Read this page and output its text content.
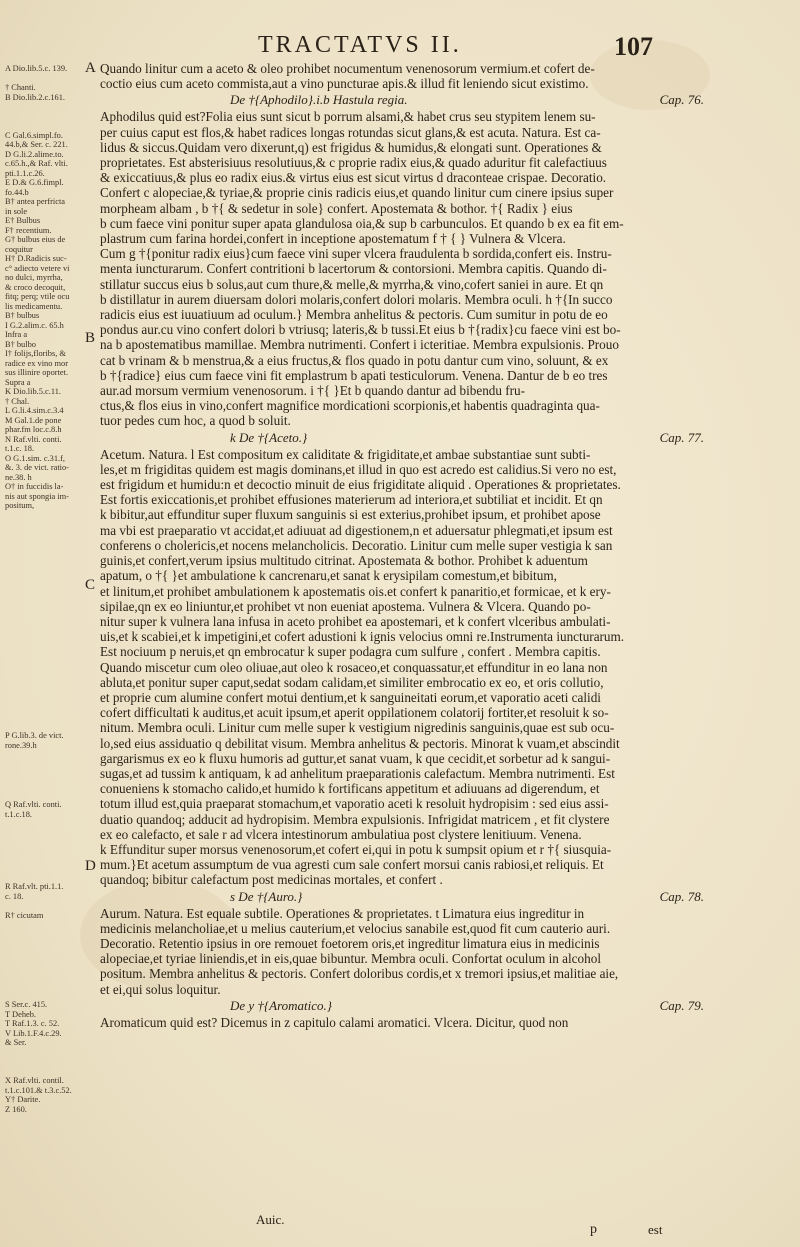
TRACTATVS II.	107
A Dio.lib.5.c. 139.

† Chanti.
B Dio.lib.2.c.161.

C Gal.6.simpl.fo.
44.b,& Ser. c. 221.
D G.li.2.alime.to.
c.65.h.,& Raf. vlti.
pti.1.1.c.26.
E D.& G.6.fimpl.
fo.44.b
B† antea perfricta
in sole
E† Bulbus
F† recentium.
G† bulbus eius de
coquitur
H† D.Radicis suc-
c° adiecto vetere vi
no dulci, myrrha,
& croco decoquit,
fitq; perq; vtile ocu
lis medicamentu.
B† bulbus
I G.2.alim.c. 65.h
Infra a
B† bulbo
I† folijs,floribs, &
radice ex vino mor
sus illinire oportet.
Supra a
K Dio.lib.5.c.11.
† Chal.
L G.li.4.sim.c.3.4
M Gal.1.de pone
phar.fm loc.c.8.h
N Raf.vlti. conti.
t.1.c. 18.
O G.1.sim. c.31.f,
&. 3. de vict. ratio-
ne.38. h
O† in fuccidis la-
nis aut spongia im-
positum,
P G.lib.3. de vict.
rone.39.h
Q Raf.vlti. conti.
t.1.c.18.
R Raf.vlt. pti.1.1.
c. 18.

R† cicutam
S Ser.c. 415.
T Deheb.
T Raf.1.3. c. 52.
V Lib.1.F.4.c.29.
& Ser.

X Raf.vlti. contil.
t.1.c.101.& t.3.c.52.
Y† Darite.
Z 160.
A
B
C
D

Quando linitur cum a aceto & oleo prohibet nocumentum venenosorum vermium.et cofert de-
coctio eius cum aceto commista,aut a vino puncturae apis.& illud fit leniendo sicut existimo.

De †{Aphodilo}.i.b Hastula regia.	Cap. 76.

Aphodilus quid est?Folia eius sunt sicut b porrum alsami,& habet crus seu stypitem lenem su-
per cuius caput est flos,& habet radices longas rotundas sicut glans,& est acuta. Natura. Est ca-
lidus & siccus.Quidam vero dixerunt,q) est frigidus & humidus,& elongati sunt. Operationes &
proprietates. Est absterisiuus resolutiuus,& c proprie radix eius,& quado aduritur fit calefactiuus
& exiccatiuus,& plus eo radix eius.& virtus eius est sicut virtus d draconteae crispae. Decoratio.
Confert c alopeciae,& tyriae,& proprie cinis radicis eius,et quando linitur cum cinere ipsius super
morpheam albam , b †{ & sedetur in sole} confert. Apostemata & bothor. †{ Radix } eius
b cum faece vini ponitur super apata glandulosa oia,& sup b carbunculos. Et quando b ex ea fit em-
plastrum cum farina hordei,confert in inceptione apostematum f † { } Vulnera & Vlcera.
Cum g †{ponitur radix eius}cum faece vini super vlcera fraudulenta b sordida,confert eis. Instru-
menta iuncturarum. Confert contritioni b lacertorum & contorsioni. Membra capitis. Quando di-
stillatur succus eius b solus,aut cum thure,& melle,& myrrha,& vino,cofert saniei in aure. Et qn
b distillatur in aurem diuersam dolori molaris,confert dolori molaris. Membra oculi. h †{In succo
radicis eius est iuuatiuum ad oculum.} Membra anhelitus & pectoris. Cum sumitur in potu de eo
pondus aur.cu vino confert dolori b vtriusq; lateris,& b tussi.Et eius b †{radix}cu faece vini est bo-
na b apostematibus mamillae. Membra nutrimenti. Confert i icteritiae. Membra expulsionis. Prouo
cat b vrinam & b menstrua,& a eius fructus,& flos quado in potu dantur cum vino, soluunt, & ex
b †{radice} eius cum faece vini fit emplastrum b apati testiculorum. Venena. Dantur de b eo tres
aur.ad morsum vermium venenosorum. i †{ }Et b quando dantur ad bibendu fru-
ctus,& flos eius in vino,confert magnifice mordicationi scorpionis,et habentis quadraginta qua-
tuor pedes cum hoc, a quod b soluit.

k De †{Aceto.}	Cap. 77.

Acetum. Natura. l Est compositum ex caliditate & frigiditate,et ambae substantiae sunt subti-
les,et m frigiditas quidem est magis dominans,et illud in quo est acredo est calidius.Si vero no est,
est frigidum et humidu:n et decoctio minuit de eius frigiditate aliquid . Operationes & proprietates.
Est fortis exiccationis,et prohibet effusiones materierum ad interiora,et subtiliat et incidit. Et qn
k bibitur,aut effunditur super fluxum sanguinis si est exterius,prohibet ipsum, et prohibet apose
ma vbi est praeparatio vt accidat,et adiuuat ad digestionem,n et aduersatur phlegmati,et ipsum est
conferens o cholericis,et nocens melancholicis. Decoratio. Linitur cum melle super vestigia k san
guinis,et confert,verum ipsius multitudo citrinat. Apostemata & bothor. Prohibet k aduentum
apatum, o †{ }et ambulatione k cancrenaru,et sanat k erysipilam comestum,et bibitum,
et linitum,et prohibet ambulationem k apostematis ois.et confert k panaritio,et formicae, et k ery-
sipilae,qn ex eo liniuntur,et prohibet vt non eueniat apostema. Vulnera & Vlcera. Quando po-
nitur super k vulnera lana infusa in aceto prohibet ea apostemari, et k confert vlceribus ambulati-
uis,et k scabiei,et k impetigini,et cofert adustioni k ignis velocius omni re.Instrumenta iuncturarum.
Est nociuum p neruis,et qn embrocatur k super podagra cum sulfure , confert . Membra capitis.
Quando miscetur cum oleo oliuae,aut oleo k rosaceo,et conquassatur,et effunditur in eo lana non
abluta,et ponitur super caput,sedat sodam calidam,et similiter embrocatio ex eo, et oris collutio,
et proprie cum alumine confert motui dentium,et k sanguineitati eorum,et vaporatio aceti calidi
cofert difficultati k auditus,et acuit ipsum,et aperit oppilationem colatorij fortiter,et resoluit k so-
nitum. Membra oculi. Linitur cum melle super k vestigium nigredinis sanguinis,quae est sub ocu-
lo,sed eius assiduatio q debilitat visum. Membra anhelitus & pectoris. Minorat k vuam,et abscindit
gargarismus ex eo k fluxu humoris ad guttur,et sanat vuam, k que cecidit,et sorbetur ad k sangui-
sugas,et ad tussim k antiquam, k ad anhelitum praeparationis calefactum. Membra nutrimenti. Est
conueniens k stomacho calido,et humido k fortificans appetitum et adiuuans ad digerendum, et
totum illud est,quia praeparat stomachum,et vaporatio aceti k resoluit hydropisim : sed eius assi-
duatio quandoq; adducit ad hydropisim. Membra expulsionis. Infrigidat matricem , et fit clystere
ex eo calefacto, et sale r ad vlcera intestinorum ambulatiua post clystere lenitiuum. Venena.
k Effunditur super morsus venenosorum,et cofert ei,qui in potu k sumpsit opium et r †{ siusquia-
mum.}Et acetum assumptum de vua agresti cum sale confert morsui canis rabiosi,et reliquis. Et
quandoq; bibitur calefactum post medicinas mortales, et confert .

s De †{Auro.}	Cap. 78.

Aurum. Natura. Est equale subtile. Operationes & proprietates. t Limatura eius ingreditur in
medicinis melancholiae,et u melius cauterium,et velocius sanabile est,quod fit cum cauterio auri.
Decoratio. Retentio ipsius in ore remouet foetorem oris,et ingreditur limatura eius in medicinis
alopeciae,et tyriae liniendis,et in eis,quae bibuntur. Membra oculi. Confortat oculum in alcohol
positum. Membra anhelitus & pectoris. Confert doloribus cordis,et x tremori ipsius,et malitiae aie,
et ei,qui solus loquitur.

De y †{Aromatico.}	Cap. 79.

Aromaticum quid est? Dicemus in z capitulo calami aromatici. Vlcera. Dicitur, quod non

Auic.
p	est
